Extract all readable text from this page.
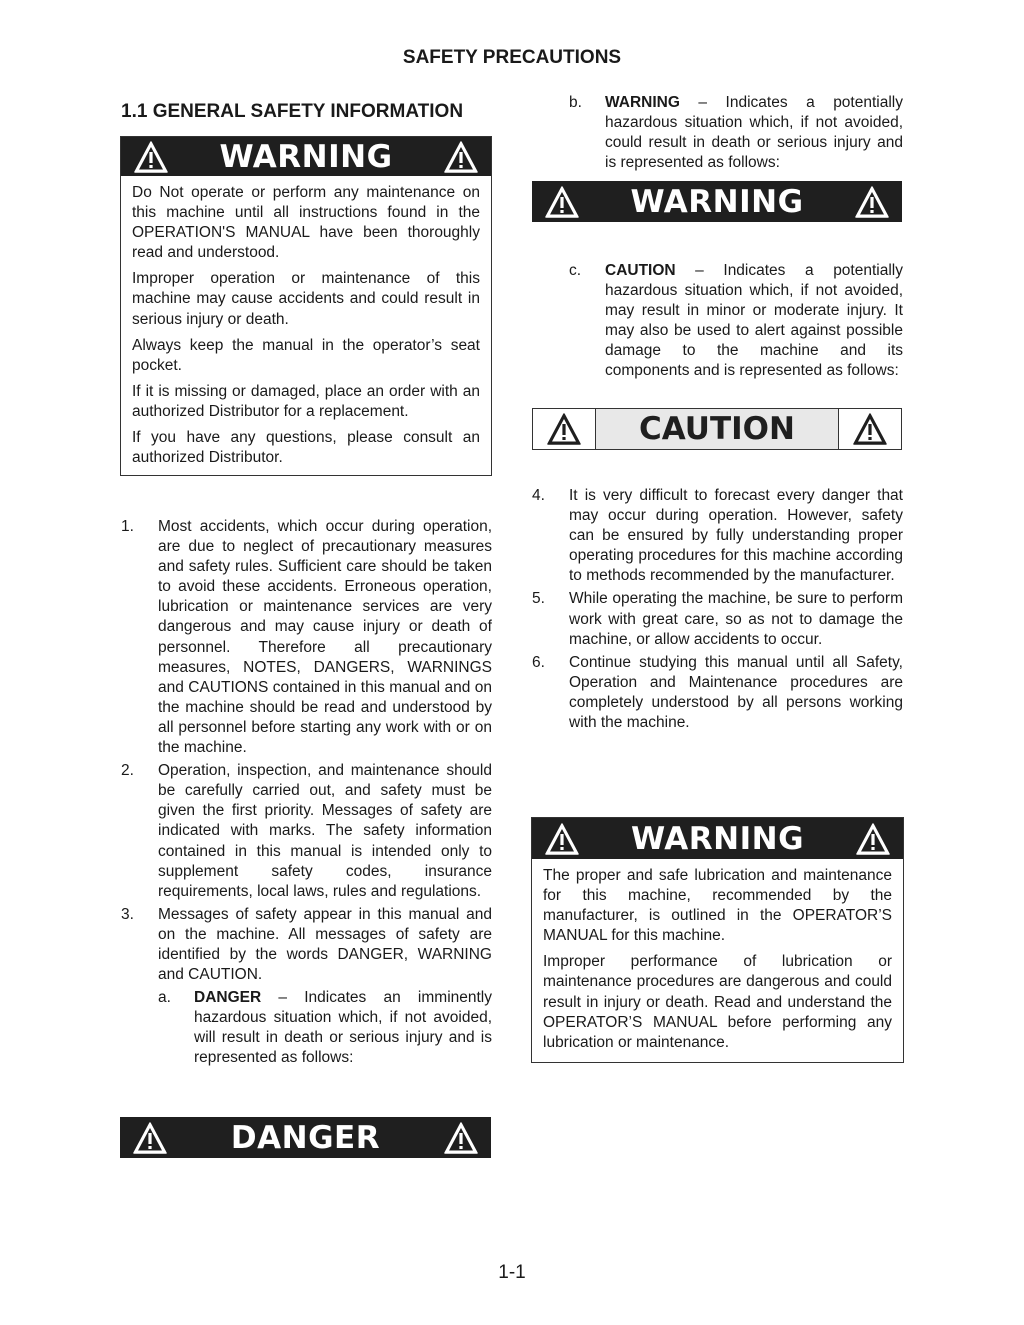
SAFETY PRECAUTIONS
1.1 GENERAL SAFETY INFORMATION
WARNING

Do Not operate or perform any maintenance on this machine until all instructions found in the OPERATION'S MANUAL have been thoroughly read and understood.

Improper operation or maintenance of this machine may cause accidents and could result in serious injury or death.

Always keep the manual in the operator’s seat pocket.

If it is missing or damaged, place an order with an authorized Distributor for a replacement.

If you have any questions, please consult an authorized Distributor.

1.	Most accidents, which occur during operation, are due to neglect of precautionary measures and safety rules. Sufficient care should be taken to avoid these accidents. Erroneous operation, lubrication or maintenance services are very dangerous and may cause injury or death of personnel. Therefore all precautionary measures, NOTES, DANGERS, WARNINGS and CAUTIONS contained in this manual and on the machine should be read and understood by all personnel before starting any work with or on the machine.

2.	Operation, inspection, and maintenance should be carefully carried out, and safety must be given the first priority. Messages of safety are indicated with marks. The safety information contained in this manual is intended only to supplement safety codes, insurance requirements, local laws, rules and regulations.

3.	Messages of safety appear in this manual and on the machine. All messages of safety are identified by the words DANGER, WARNING and CAUTION.

a.	DANGER – Indicates an imminently hazardous situation which, if not avoided, will result in death or serious injury and is represented as follows:

DANGER
b.	WARNING – Indicates a potentially hazardous situation which, if not avoided, could result in death or serious injury and is represented as follows:

WARNING
c.	CAUTION – Indicates a potentially hazardous situation which, if not avoided, may result in minor or moderate injury. It may also be used to alert against possible damage to the machine and its components and is represented as follows:

CAUTION
4.	It is very difficult to forecast every danger that may occur during operation. However, safety can be ensured by fully understanding proper operating procedures for this machine according to methods recommended by the manufacturer.

5.	While operating the machine, be sure to perform work with great care, so as not to damage the machine, or allow accidents to occur.

6.	Continue studying this manual until all Safety, Operation and Maintenance procedures are completely understood by all persons working with the machine.

WARNING

The proper and safe lubrication and maintenance for this machine, recommended by the manufacturer, is outlined in the OPERATOR’S MANUAL for this machine.

Improper performance of lubrication or maintenance procedures are dangerous and could result in injury or death. Read and understand the OPERATOR’S MANUAL before performing any lubrication or maintenance.

1-1
